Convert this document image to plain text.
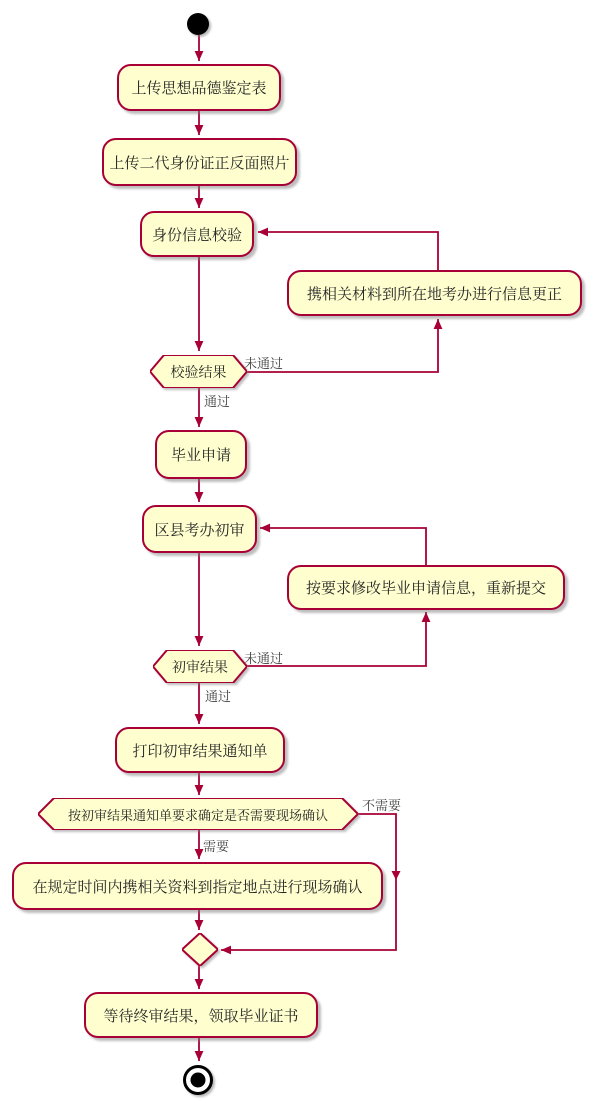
上传思想品德鉴定表
上传二代身份证正反面照片
身份信息校验
携相关材料到所在地考办进行信息更正
校验结果
未通过
通过
毕业申请
区县考办初审
按要求修改毕业申请信息，重新提交
初审结果
未通过
通过
打印初审结果通知单
按初审结果通知单要求确定是否需要现场确认
不需要
需要
在规定时间内携相关资料到指定地点进行现场确认
等待终审结果，领取毕业证书
